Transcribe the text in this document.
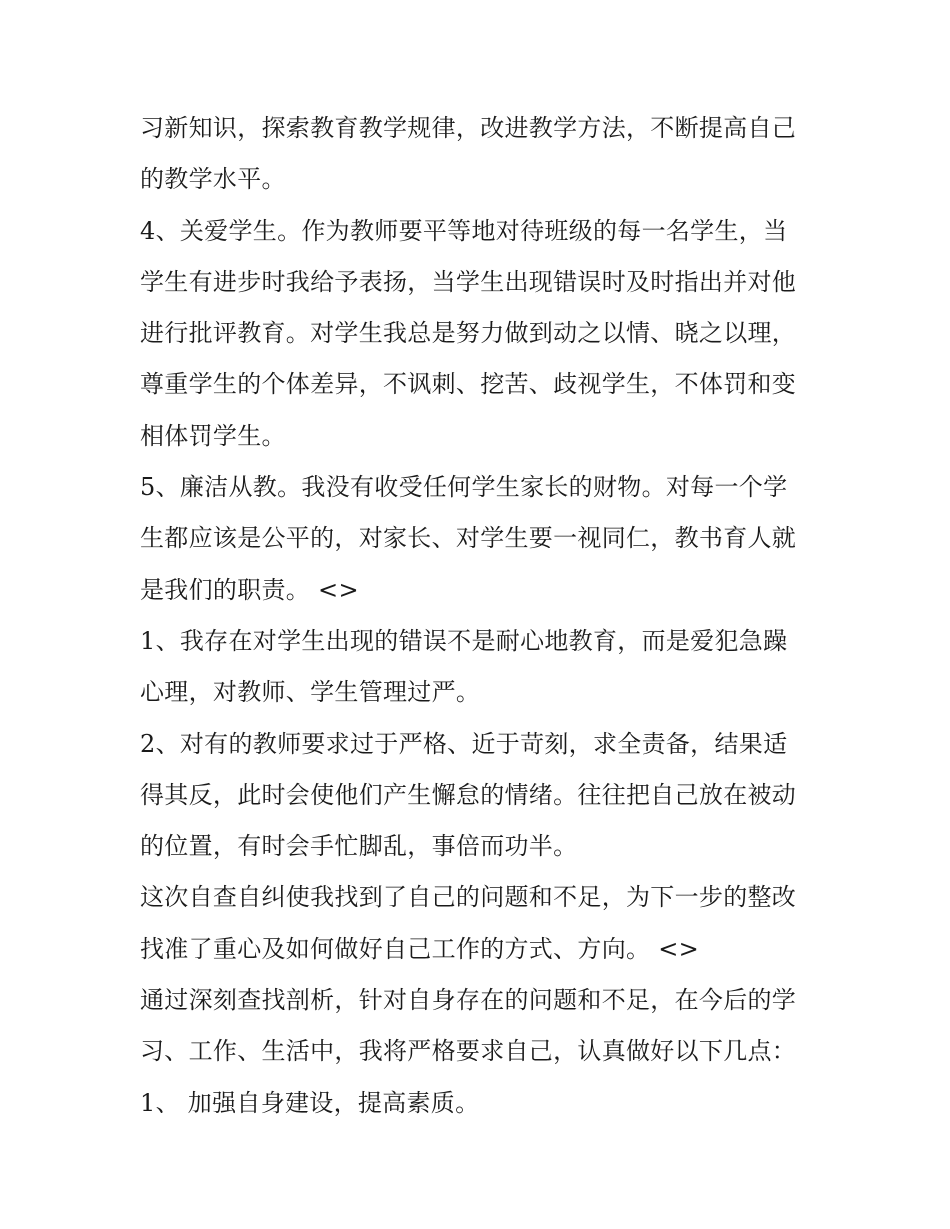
习新知识，探索教育教学规律，改进教学方法，不断提高自己
的教学水平。
4、关爱学生。作为教师要平等地对待班级的每一名学生，当
学生有进步时我给予表扬，当学生出现错误时及时指出并对他
进行批评教育。对学生我总是努力做到动之以情、晓之以理，
尊重学生的个体差异，不讽刺、挖苦、歧视学生，不体罚和变
相体罚学生。
5、廉洁从教。我没有收受任何学生家长的财物。对每一个学
生都应该是公平的，对家长、对学生要一视同仁，教书育人就
是我们的职责。 <>
1、我存在对学生出现的错误不是耐心地教育，而是爱犯急躁
心理，对教师、学生管理过严。
2、对有的教师要求过于严格、近于苛刻，求全责备，结果适
得其反，此时会使他们产生懈怠的情绪。往往把自己放在被动
的位置，有时会手忙脚乱，事倍而功半。
这次自查自纠使我找到了自己的问题和不足，为下一步的整改
找准了重心及如何做好自己工作的方式、方向。 <>
通过深刻查找剖析，针对自身存在的问题和不足，在今后的学
习、工作、生活中，我将严格要求自己，认真做好以下几点：
1、 加强自身建设，提高素质。
